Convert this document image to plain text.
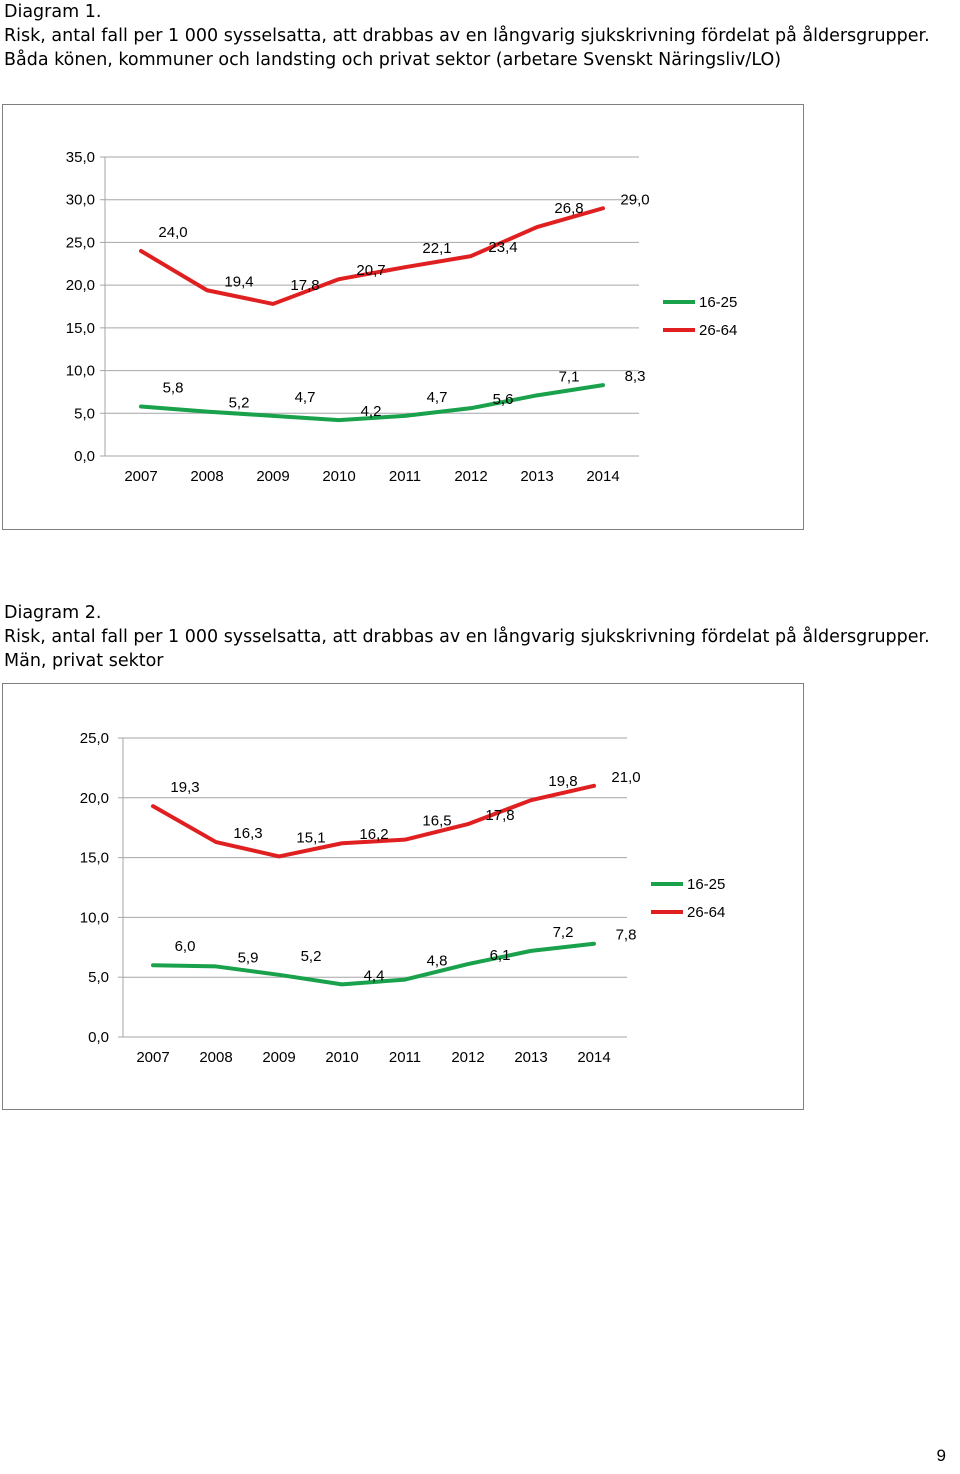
Diagram 1.
Risk, antal fall per 1 000 sysselsatta, att drabbas av en långvarig sjukskrivning fördelat på åldersgrupper. Båda könen, kommuner och landsting och privat sektor (arbetare Svenskt Näringsliv/LO)
0,0
5,0
10,0
15,0
20,0
25,0
30,0
35,0
2007 2008 2009 2010 2011 2012 2013 2014
5,8
5,2	4,7
4,2
4,7	5,6
7,1	8,3
24,0
19,4 17,8
20,7
22,1 23,4
26,8
29,0
16-25
26-64
Diagram 2.
Risk, antal fall per 1 000 sysselsatta, att drabbas av en långvarig sjukskrivning fördelat på åldersgrupper. Män, privat sektor
0,0
5,0
10,0
15,0
20,0
25,0
2007 2008 2009 2010 2011 2012 2013 2014
6,0
5,9	5,2
4,4
4,8	6,1
7,2	7,8
19,3
16,3 15,1 16,2
16,5 17,8
19,8 21,0
16-25
26-64
9
